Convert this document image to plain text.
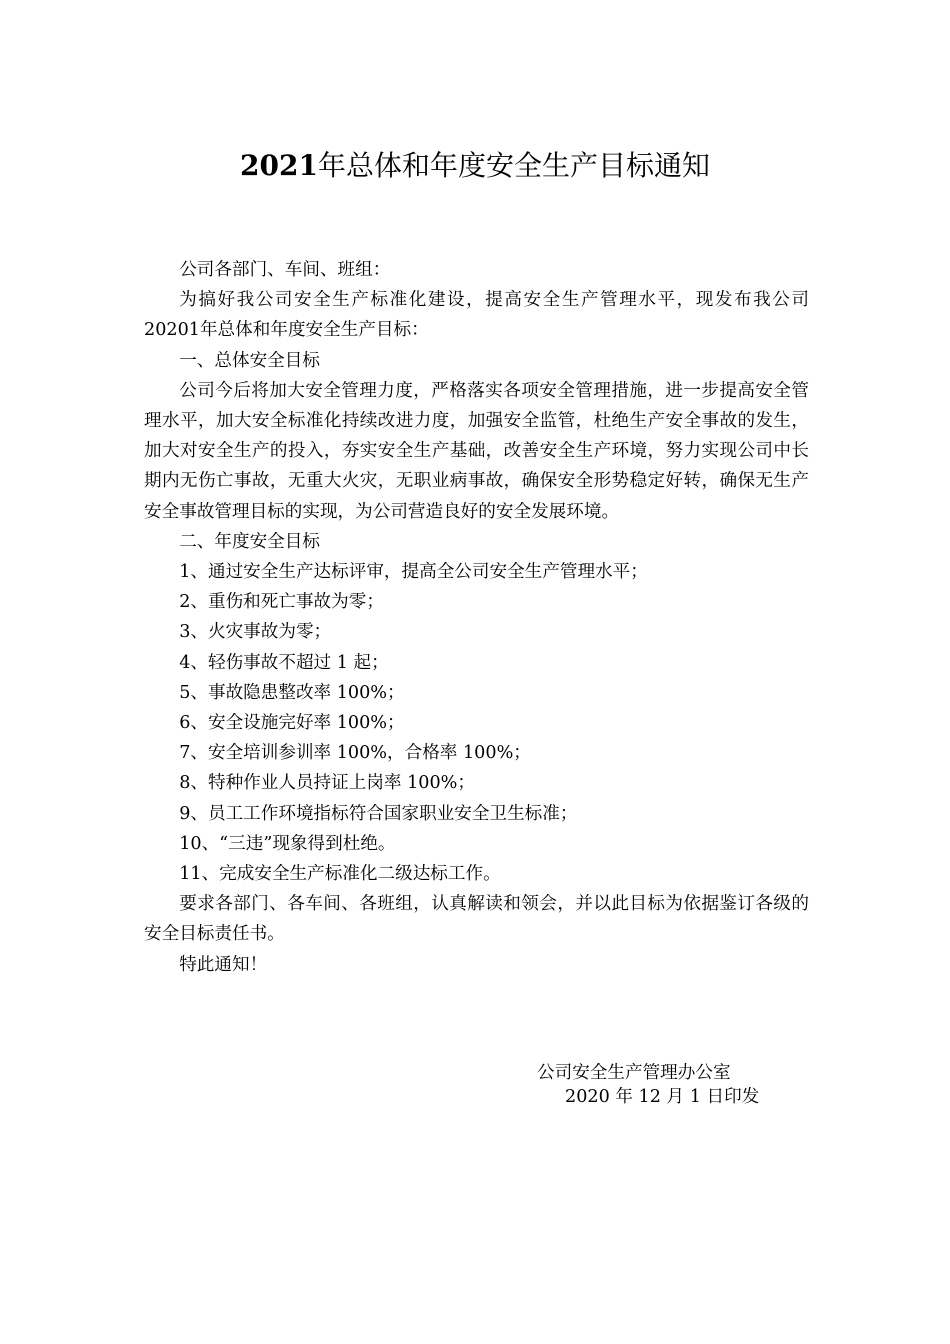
2021年总体和年度安全生产目标通知

公司各部门、车间、班组：

为搞好我公司安全生产标准化建设，提高安全生产管理水平，现发布我公司20201年总体和年度安全生产目标：

一、总体安全目标

公司今后将加大安全管理力度，严格落实各项安全管理措施，进一步提高安全管理水平，加大安全标准化持续改进力度，加强安全监管，杜绝生产安全事故的发生，加大对安全生产的投入，夯实安全生产基础，改善安全生产环境，努力实现公司中长期内无伤亡事故，无重大火灾，无职业病事故，确保安全形势稳定好转，确保无生产安全事故管理目标的实现，为公司营造良好的安全发展环境。

二、年度安全目标

1、通过安全生产达标评审，提高全公司安全生产管理水平；

2、重伤和死亡事故为零；

3、火灾事故为零；

4、轻伤事故不超过 1 起；

5、事故隐患整改率 100%；

6、安全设施完好率 100%；

7、安全培训参训率 100%，合格率 100%；

8、特种作业人员持证上岗率 100%；

9、员工工作环境指标符合国家职业安全卫生标准；

10、“三违”现象得到杜绝。

11、完成安全生产标准化二级达标工作。

要求各部门、各车间、各班组，认真解读和领会，并以此目标为依据鉴订各级的安全目标责任书。

特此通知！

公司安全生产管理办公室
2020 年 12 月 1 日印发
